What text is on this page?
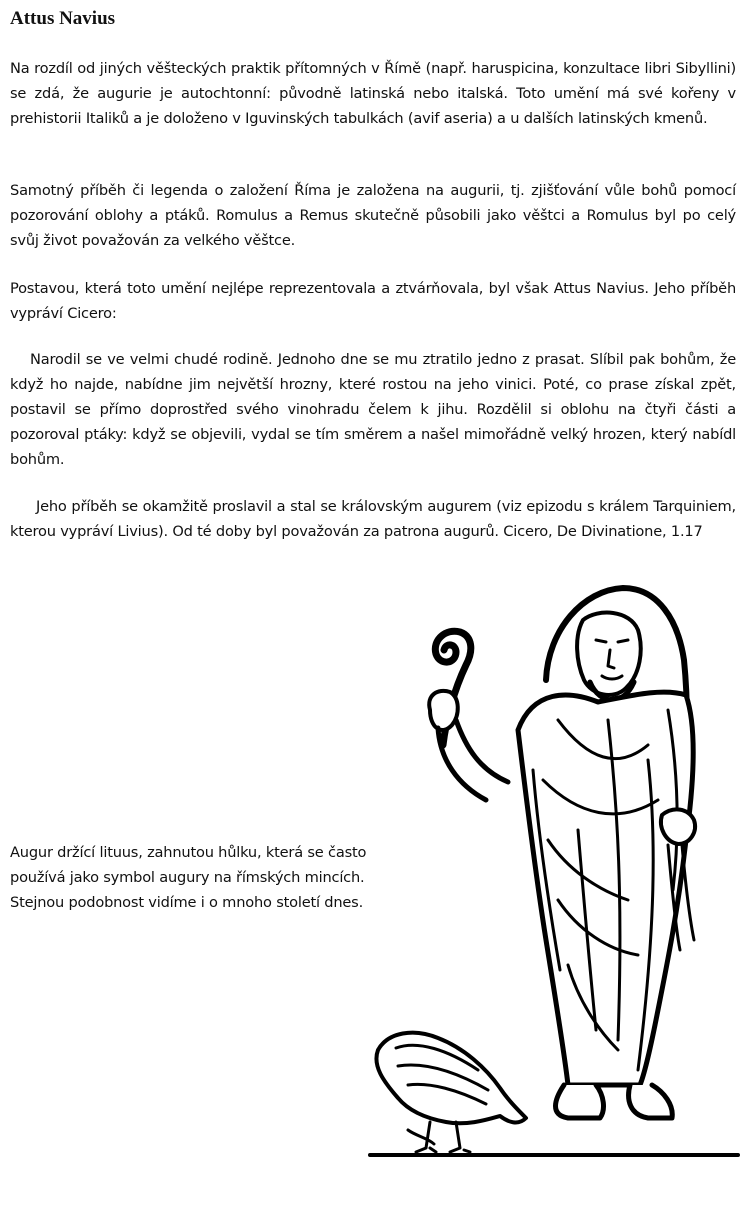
Attus Navius

Na rozdíl od jiných věšteckých praktik přítomných v Římě (např. haruspicina, konzultace libri Sibyllini) se zdá, že augurie je autochtonní: původně latinská nebo italská. Toto umění má své kořeny v prehistorii Italiků a je doloženo v Iguvinských tabulkách (avif aseria) a u dalších latinských kmenů.

Samotný příběh či legenda o založení Říma je založena na augurii, tj. zjišťování vůle bohů pomocí pozorování oblohy a ptáků. Romulus a Remus skutečně působili jako věštci a Romulus byl po celý svůj život považován za velkého věštce.

Postavou, která toto umění nejlépe reprezentovala a ztvárňovala, byl však Attus Navius. Jeho příběh vypráví Cicero:

Narodil se ve velmi chudé rodině. Jednoho dne se mu ztratilo jedno z prasat. Slíbil pak bohům, že když ho najde, nabídne jim největší hrozny, které rostou na jeho vinici. Poté, co prase získal zpět, postavil se přímo doprostřed svého vinohradu čelem k jihu. Rozdělil si oblohu na čtyři části a pozoroval ptáky: když se objevili, vydal se tím směrem a našel mimořádně velký hrozen, který nabídl bohům.

Jeho příběh se okamžitě proslavil a stal se královským augurem (viz epizodu s králem Tarquiniem, kterou vypráví Livius). Od té doby byl považován za patrona augurů. Cicero, De Divinatione, 1.17

Augur držící lituus, zahnutou hůlku, která se často používá jako symbol augury na římských mincích. Stejnou podobnost vidíme i o mnoho století dnes.
